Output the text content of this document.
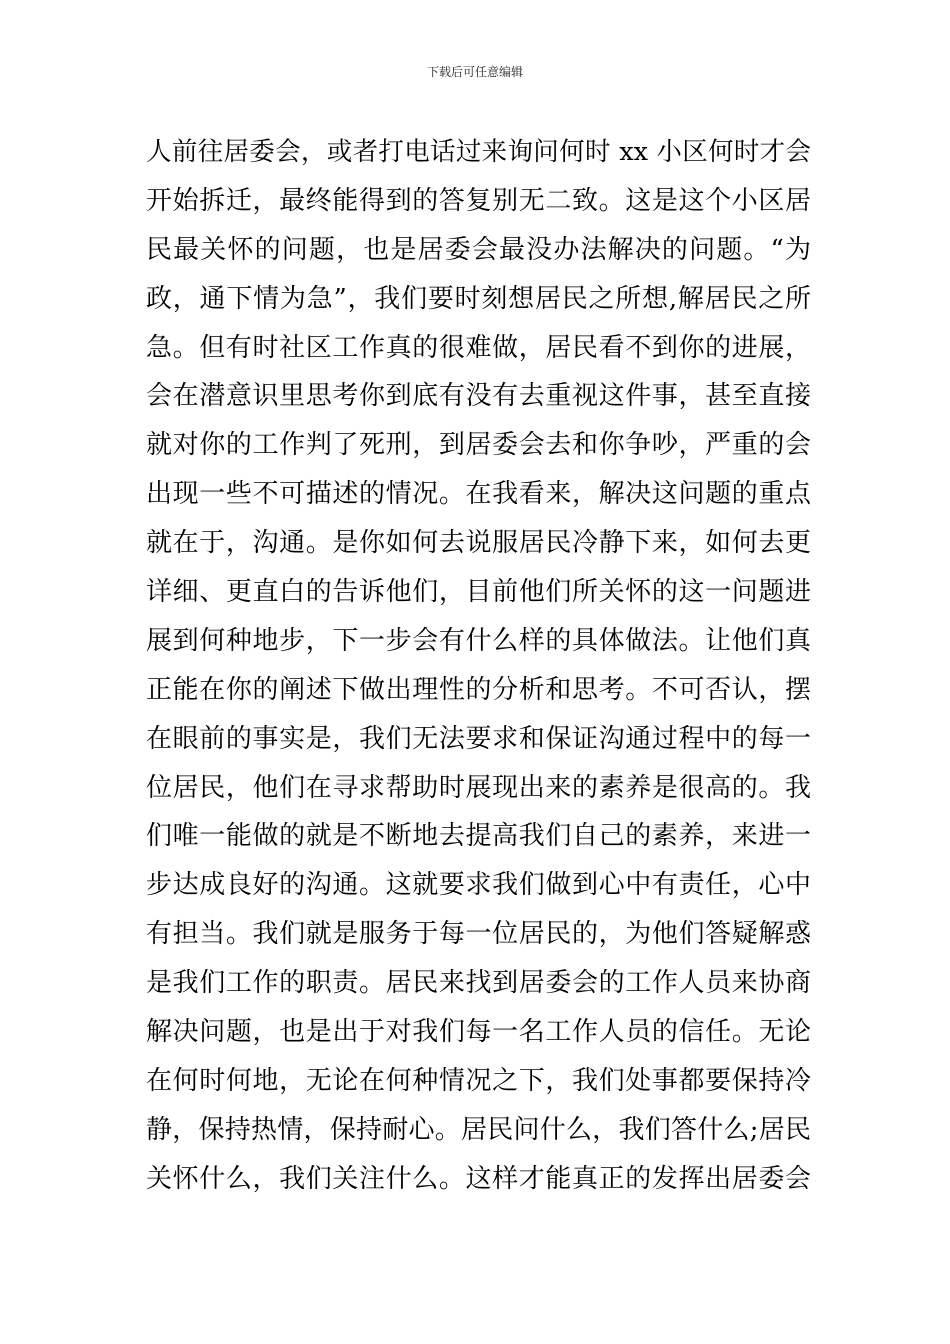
下载后可任意编辑
人前往居委会，或者打电话过来询问何时 xx 小区何时才会
开始拆迁，最终能得到的答复别无二致。这是这个小区居
民最关怀的问题，也是居委会最没办法解决的问题。“为
政，通下情为急”，我们要时刻想居民之所想,解居民之所
急。但有时社区工作真的很难做，居民看不到你的进展，
会在潜意识里思考你到底有没有去重视这件事，甚至直接
就对你的工作判了死刑，到居委会去和你争吵，严重的会
出现一些不可描述的情况。在我看来，解决这问题的重点
就在于，沟通。是你如何去说服居民冷静下来，如何去更
详细、更直白的告诉他们，目前他们所关怀的这一问题进
展到何种地步，下一步会有什么样的具体做法。让他们真
正能在你的阐述下做出理性的分析和思考。不可否认，摆
在眼前的事实是，我们无法要求和保证沟通过程中的每一
位居民，他们在寻求帮助时展现出来的素养是很高的。我
们唯一能做的就是不断地去提高我们自己的素养，来进一
步达成良好的沟通。这就要求我们做到心中有责任，心中
有担当。我们就是服务于每一位居民的，为他们答疑解惑
是我们工作的职责。居民来找到居委会的工作人员来协商
解决问题，也是出于对我们每一名工作人员的信任。无论
在何时何地，无论在何种情况之下，我们处事都要保持冷
静，保持热情，保持耐心。居民问什么，我们答什么;居民
关怀什么，我们关注什么。这样才能真正的发挥出居委会
